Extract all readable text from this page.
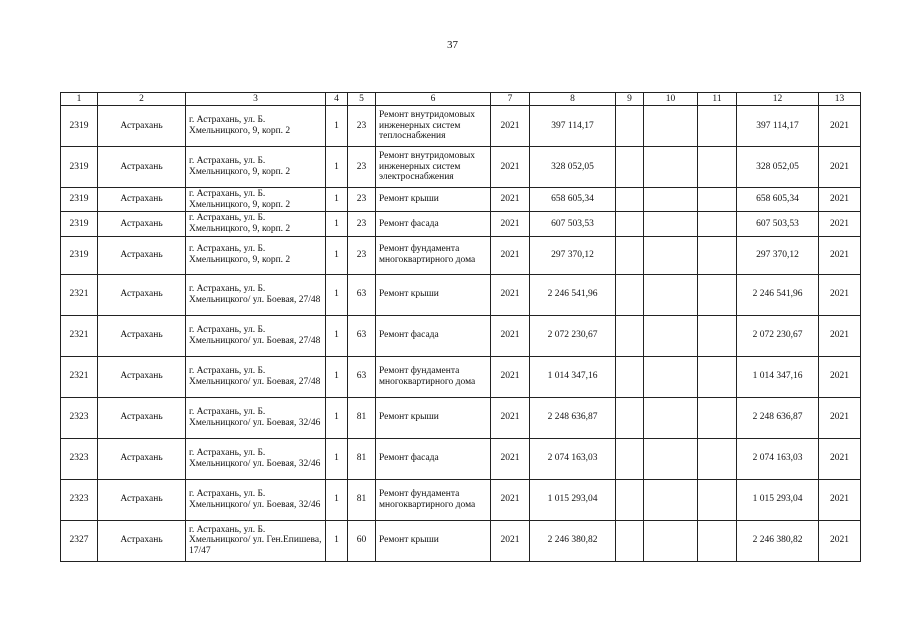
37
1	2	3	4	5	6	7	8	9	10	11	12	13
2319	Астрахань	г. Астрахань, ул. Б. Хмельницкого, 9, корп. 2	1	23	Ремонт внутридомовых инженерных систем теплоснабжения	2021	397 114,17				397 114,17	2021
2319	Астрахань	г. Астрахань, ул. Б. Хмельницкого, 9, корп. 2	1	23	Ремонт внутридомовых инженерных систем электроснабжения	2021	328 052,05				328 052,05	2021
2319	Астрахань	г. Астрахань, ул. Б. Хмельницкого, 9, корп. 2	1	23	Ремонт крыши	2021	658 605,34				658 605,34	2021
2319	Астрахань	г. Астрахань, ул. Б. Хмельницкого, 9, корп. 2	1	23	Ремонт фасада	2021	607 503,53				607 503,53	2021
2319	Астрахань	г. Астрахань, ул. Б. Хмельницкого, 9, корп. 2	1	23	Ремонт фундамента многоквартирного дома	2021	297 370,12				297 370,12	2021
2321	Астрахань	г. Астрахань, ул. Б. Хмельницкого/ ул. Боевая, 27/48	1	63	Ремонт крыши	2021	2 246 541,96				2 246 541,96	2021
2321	Астрахань	г. Астрахань, ул. Б. Хмельницкого/ ул. Боевая, 27/48	1	63	Ремонт фасада	2021	2 072 230,67				2 072 230,67	2021
2321	Астрахань	г. Астрахань, ул. Б. Хмельницкого/ ул. Боевая, 27/48	1	63	Ремонт фундамента многоквартирного дома	2021	1 014 347,16				1 014 347,16	2021
2323	Астрахань	г. Астрахань, ул. Б. Хмельницкого/ ул. Боевая, 32/46	1	81	Ремонт крыши	2021	2 248 636,87				2 248 636,87	2021
2323	Астрахань	г. Астрахань, ул. Б. Хмельницкого/ ул. Боевая, 32/46	1	81	Ремонт фасада	2021	2 074 163,03				2 074 163,03	2021
2323	Астрахань	г. Астрахань, ул. Б. Хмельницкого/ ул. Боевая, 32/46	1	81	Ремонт фундамента многоквартирного дома	2021	1 015 293,04				1 015 293,04	2021
2327	Астрахань	г. Астрахань, ул. Б. Хмельницкого/ ул. Ген.Епишева, 17/47	1	60	Ремонт крыши	2021	2 246 380,82				2 246 380,82	2021
